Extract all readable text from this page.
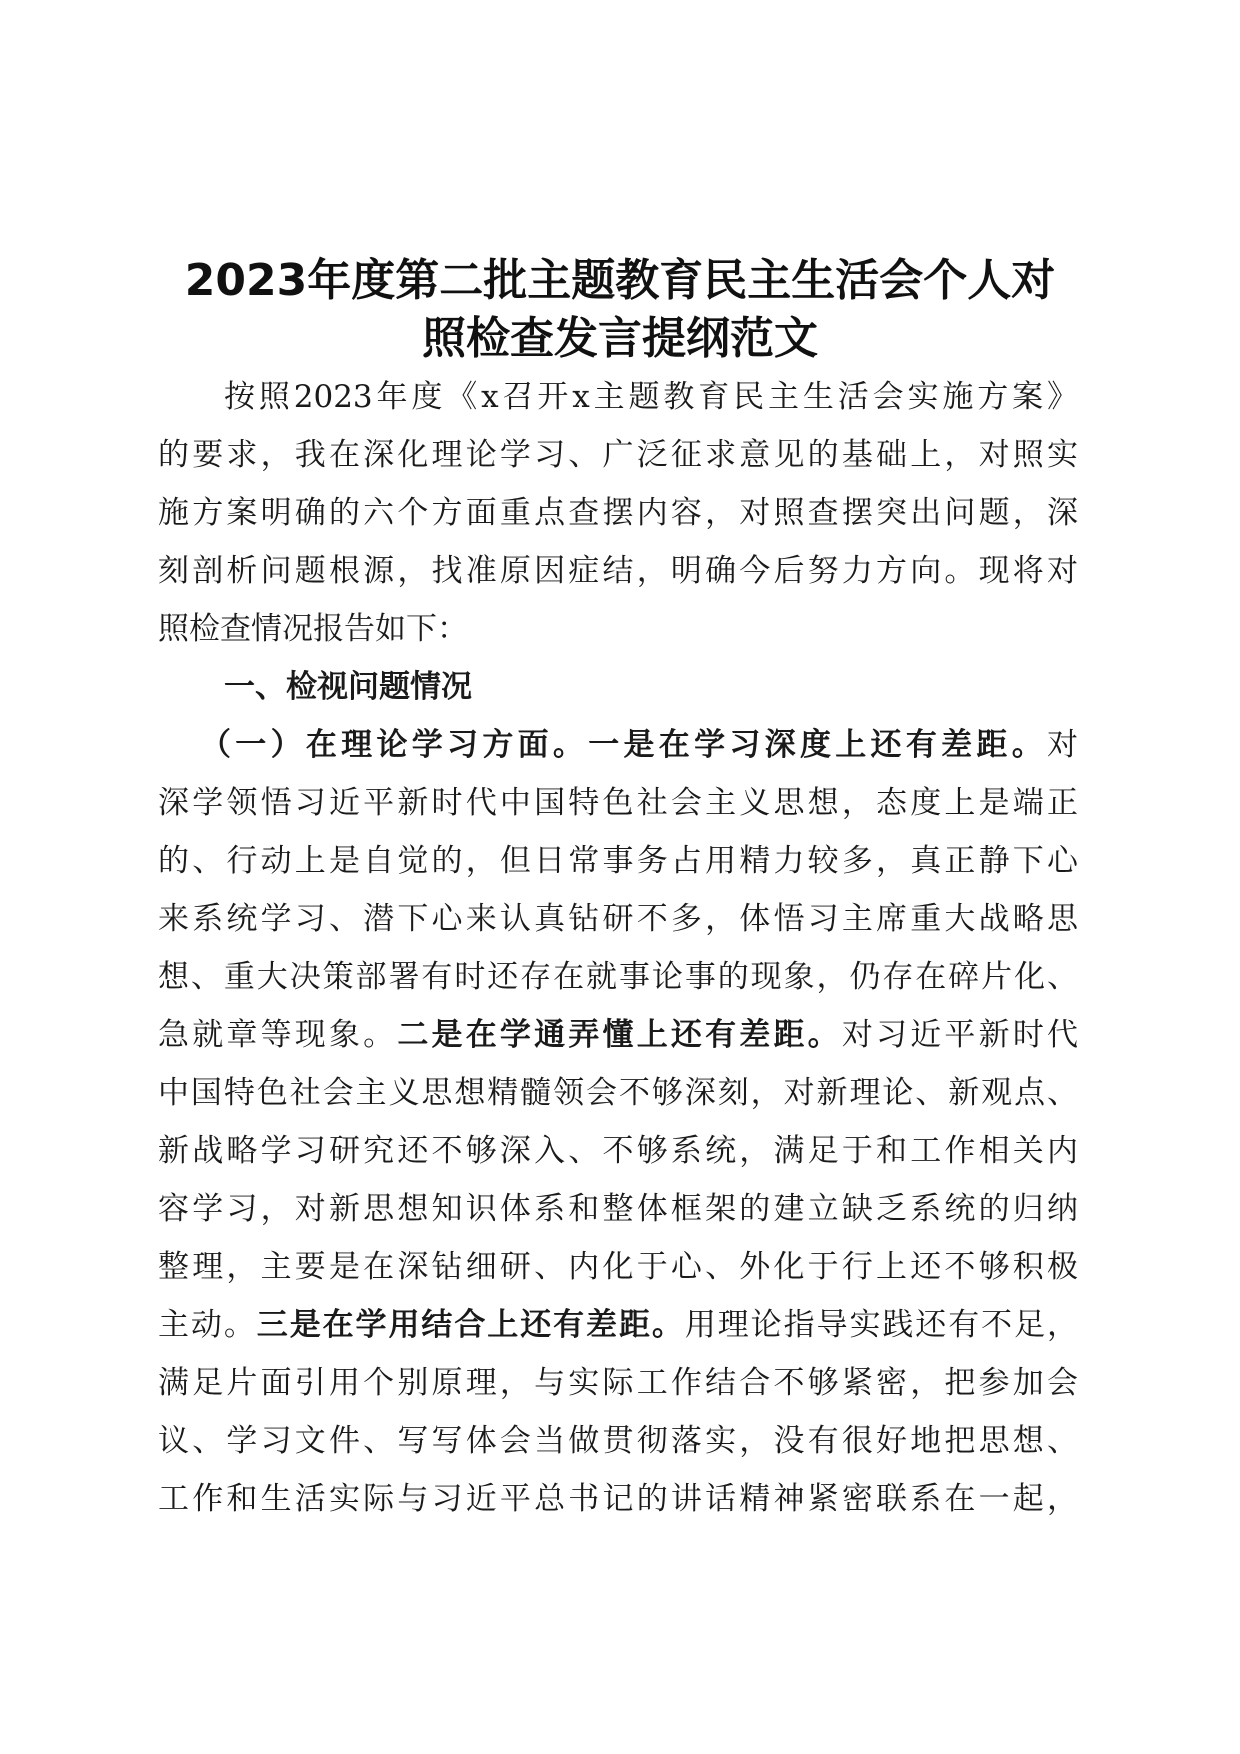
2023年度第二批主题教育民主生活会个人对
照检查发言提纲范文
按照2023年度《x召开x主题教育民主生活会实施方案》
的要求，我在深化理论学习、广泛征求意见的基础上，对照实
施方案明确的六个方面重点查摆内容，对照查摆突出问题，深
刻剖析问题根源，找准原因症结，明确今后努力方向。现将对
照检查情况报告如下：
一、检视问题情况
（一）在理论学习方面。一是在学习深度上还有差距。对
深学领悟习近平新时代中国特色社会主义思想，态度上是端正
的、行动上是自觉的，但日常事务占用精力较多，真正静下心
来系统学习、潜下心来认真钻研不多，体悟习主席重大战略思
想、重大决策部署有时还存在就事论事的现象，仍存在碎片化、
急就章等现象。二是在学通弄懂上还有差距。对习近平新时代
中国特色社会主义思想精髓领会不够深刻，对新理论、新观点、
新战略学习研究还不够深入、不够系统，满足于和工作相关内
容学习，对新思想知识体系和整体框架的建立缺乏系统的归纳
整理，主要是在深钻细研、内化于心、外化于行上还不够积极
主动。三是在学用结合上还有差距。用理论指导实践还有不足，
满足片面引用个别原理，与实际工作结合不够紧密，把参加会
议、学习文件、写写体会当做贯彻落实，没有很好地把思想、
工作和生活实际与习近平总书记的讲话精神紧密联系在一起，
